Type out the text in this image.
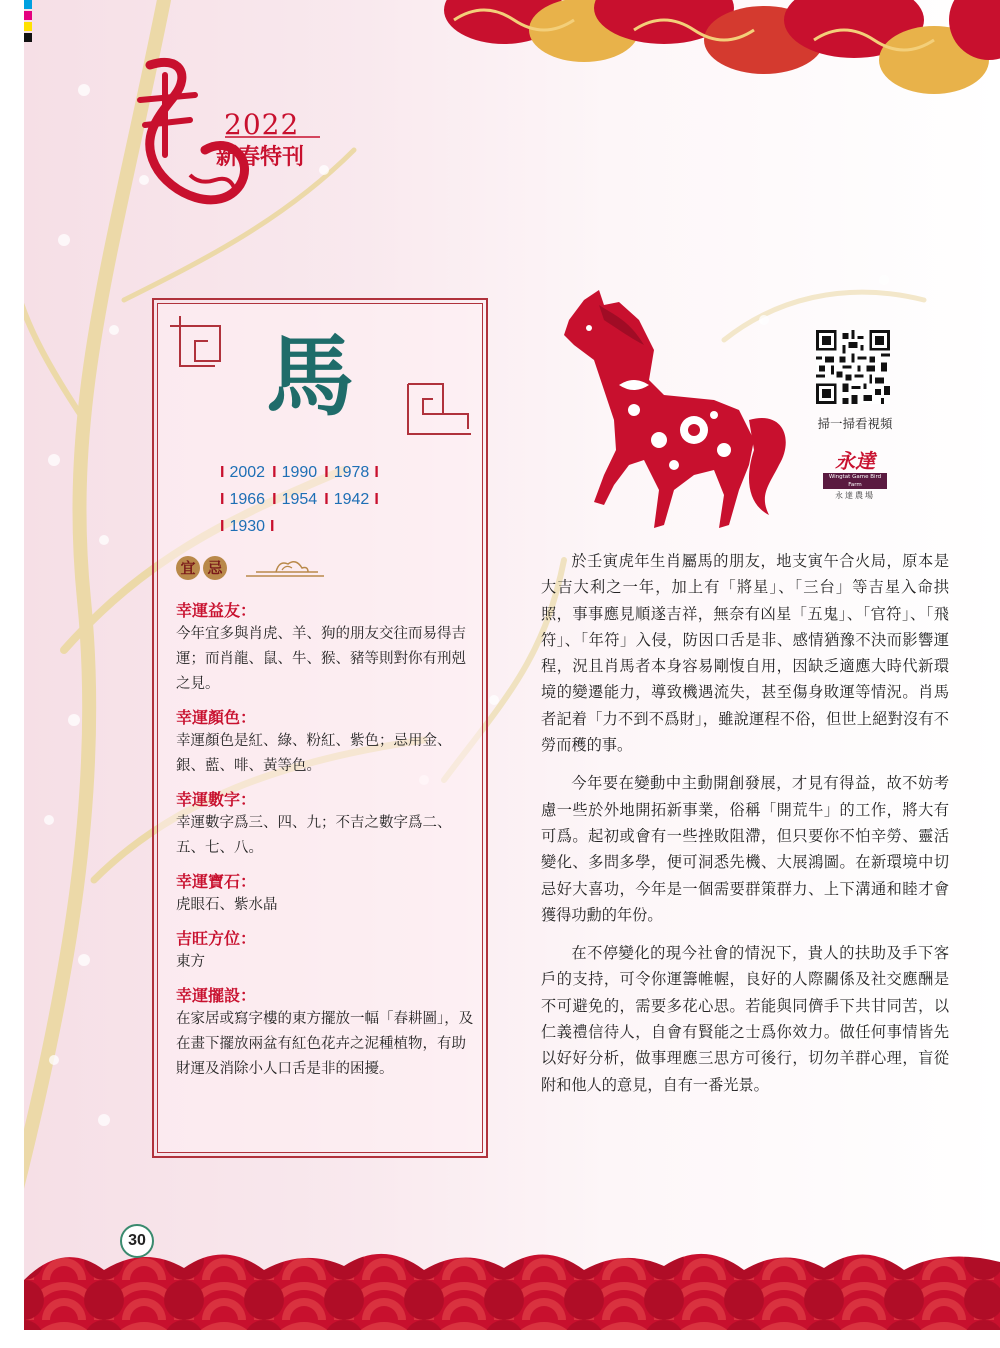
2022
新春特刊
馬
I 2002 I 1990 I 1978 I
I 1966 I 1954 I 1942 I
I 1930 I
宜 忌
幸運益友：
今年宜多與肖虎、羊、狗的朋友交往而易得吉運；而肖龍、鼠、牛、猴、豬等則對你有刑剋之見。
幸運顏色：
幸運顏色是紅、綠、粉紅、紫色；忌用金、銀、藍、啡、黃等色。
幸運數字：
幸運數字爲三、四、九；不吉之數字爲二、五、七、八。
幸運寶石：
虎眼石、紫水晶
吉旺方位：
東方
幸運擺設：
在家居或寫字樓的東方擺放一幅「春耕圖」，及在畫下擺放兩盆有紅色花卉之泥種植物，有助財運及消除小人口舌是非的困擾。
掃一掃看視頻
永達
Wingtat Game Bird Farm
永達農場

於壬寅虎年生肖屬馬的朋友，地支寅午合火局，原本是大吉大利之一年，加上有「將星」、「三台」等吉星入命拱照，事事應見順遂吉祥，無奈有凶星「五鬼」、「官符」、「飛符」、「年符」入侵，防因口舌是非、感情猶豫不決而影響運程，況且肖馬者本身容易剛愎自用，因缺乏適應大時代新環境的變遷能力，導致機遇流失，甚至傷身敗運等情況。肖馬者記着「力不到不爲財」，雖說運程不俗，但世上絕對沒有不勞而穫的事。

今年要在變動中主動開創發展，才見有得益，故不妨考慮一些於外地開拓新事業，俗稱「開荒牛」的工作，將大有可爲。起初或會有一些挫敗阻滯，但只要你不怕辛勞、靈活變化、多問多學，便可洞悉先機、大展鴻圖。在新環境中切忌好大喜功，今年是一個需要群策群力、上下溝通和睦才會獲得功勳的年份。

在不停變化的現今社會的情況下，貴人的扶助及手下客戶的支持，可令你運籌帷幄，良好的人際關係及社交應酬是不可避免的，需要多花心思。若能與同儕手下共甘同苦，以仁義禮信待人，自會有賢能之士爲你效力。做任何事情皆先以好好分析，做事理應三思方可後行，切勿羊群心理，盲從附和他人的意見，自有一番光景。

30
